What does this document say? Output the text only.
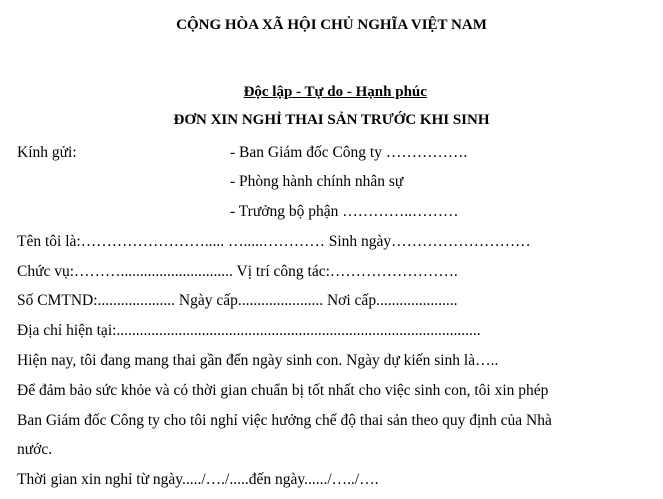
CỘNG HÒA XÃ HỘI CHỦ NGHĨA VIỆT NAM

Độc lập - Tự do - Hạnh phúc

ĐƠN XIN NGHỈ THAI SẢN TRƯỚC KHI SINH
Kính gửi:	- Ban Giám đốc Công ty …………….
- Phòng hành chính nhân sự
- Trưởng bộ phận …………..………
Tên tôi là:……………………..... ….....………… Sinh ngày………………………
Chức vụ:………............................. Vị trí công tác:…………………….
Số CMTND:.................... Ngày cấp...................... Nơi cấp.....................
Địa chỉ hiện tại:..............................................................................................
Hiện nay, tôi đang mang thai gần đến ngày sinh con. Ngày dự kiến sinh là…..
Để đảm bảo sức khỏe và có thời gian chuẩn bị tốt nhất cho việc sinh con, tôi xin phép
Ban Giám đốc Công ty cho tôi nghỉ việc hưởng chế độ thai sản theo quy định của Nhà
nước.
Thời gian xin nghỉ từ ngày...../…./.....đến ngày....../…../….
